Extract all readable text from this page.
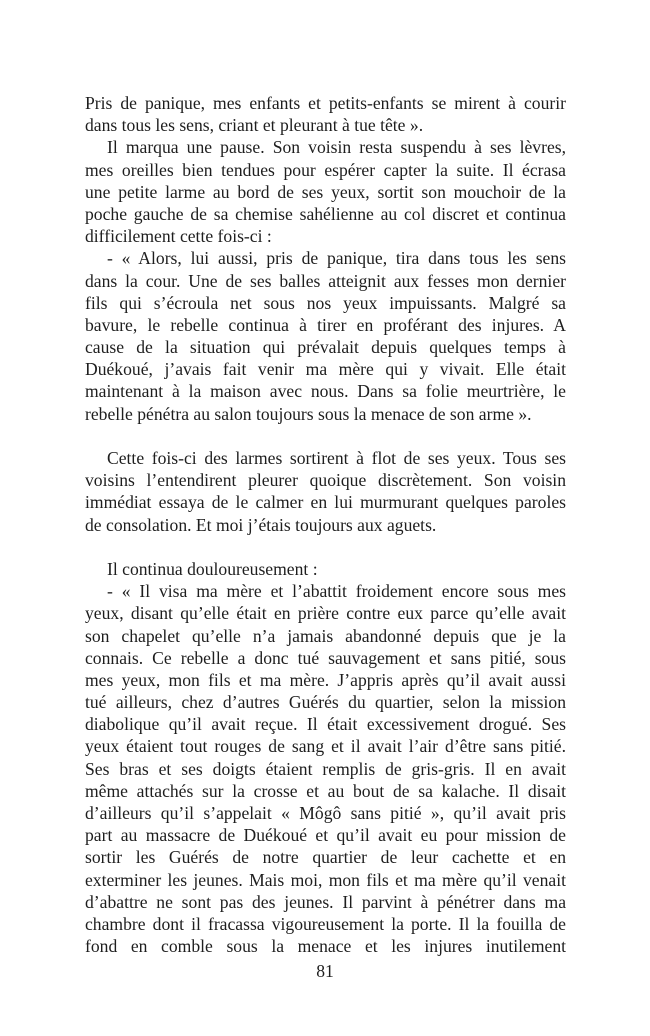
Pris de panique, mes enfants et petits-enfants se mirent à courir
dans tous les sens, criant et pleurant à tue tête ».
Il marqua une pause. Son voisin resta suspendu à ses lèvres,
mes oreilles bien tendues pour espérer capter la suite. Il écrasa
une petite larme au bord de ses yeux, sortit son mouchoir de la
poche gauche de sa chemise sahélienne au col discret et continua
difficilement cette fois-ci :
- « Alors, lui aussi, pris de panique, tira dans tous les sens
dans la cour. Une de ses balles atteignit aux fesses mon dernier
fils qui s’écroula net sous nos yeux impuissants. Malgré sa
bavure, le rebelle continua à tirer en proférant des injures. A
cause de la situation qui prévalait depuis quelques temps à
Duékoué, j’avais fait venir ma mère qui y vivait. Elle était
maintenant à la maison avec nous. Dans sa folie meurtrière, le
rebelle pénétra au salon toujours sous la menace de son arme ».
Cette fois-ci des larmes sortirent à flot de ses yeux. Tous ses
voisins l’entendirent pleurer quoique discrètement. Son voisin
immédiat essaya de le calmer en lui murmurant quelques paroles
de consolation. Et moi j’étais toujours aux aguets.
Il continua douloureusement :
- « Il visa ma mère et l’abattit froidement encore sous mes
yeux, disant qu’elle était en prière contre eux parce qu’elle avait
son chapelet qu’elle n’a jamais abandonné depuis que je la
connais. Ce rebelle a donc tué sauvagement et sans pitié, sous
mes yeux, mon fils et ma mère. J’appris après qu’il avait aussi
tué ailleurs, chez d’autres Guérés du quartier, selon la mission
diabolique qu’il avait reçue. Il était excessivement drogué. Ses
yeux étaient tout rouges de sang et il avait l’air d’être sans pitié.
Ses bras et ses doigts étaient remplis de gris-gris. Il en avait
même attachés sur la crosse et au bout de sa kalache. Il disait
d’ailleurs qu’il s’appelait « Môgô sans pitié », qu’il avait pris
part au massacre de Duékoué et qu’il avait eu pour mission de
sortir les Guérés de notre quartier de leur cachette et en
exterminer les jeunes. Mais moi, mon fils et ma mère qu’il venait
d’abattre ne sont pas des jeunes. Il parvint à pénétrer dans ma
chambre dont il fracassa vigoureusement la porte. Il la fouilla de
fond en comble sous la menace et les injures inutilement
81
